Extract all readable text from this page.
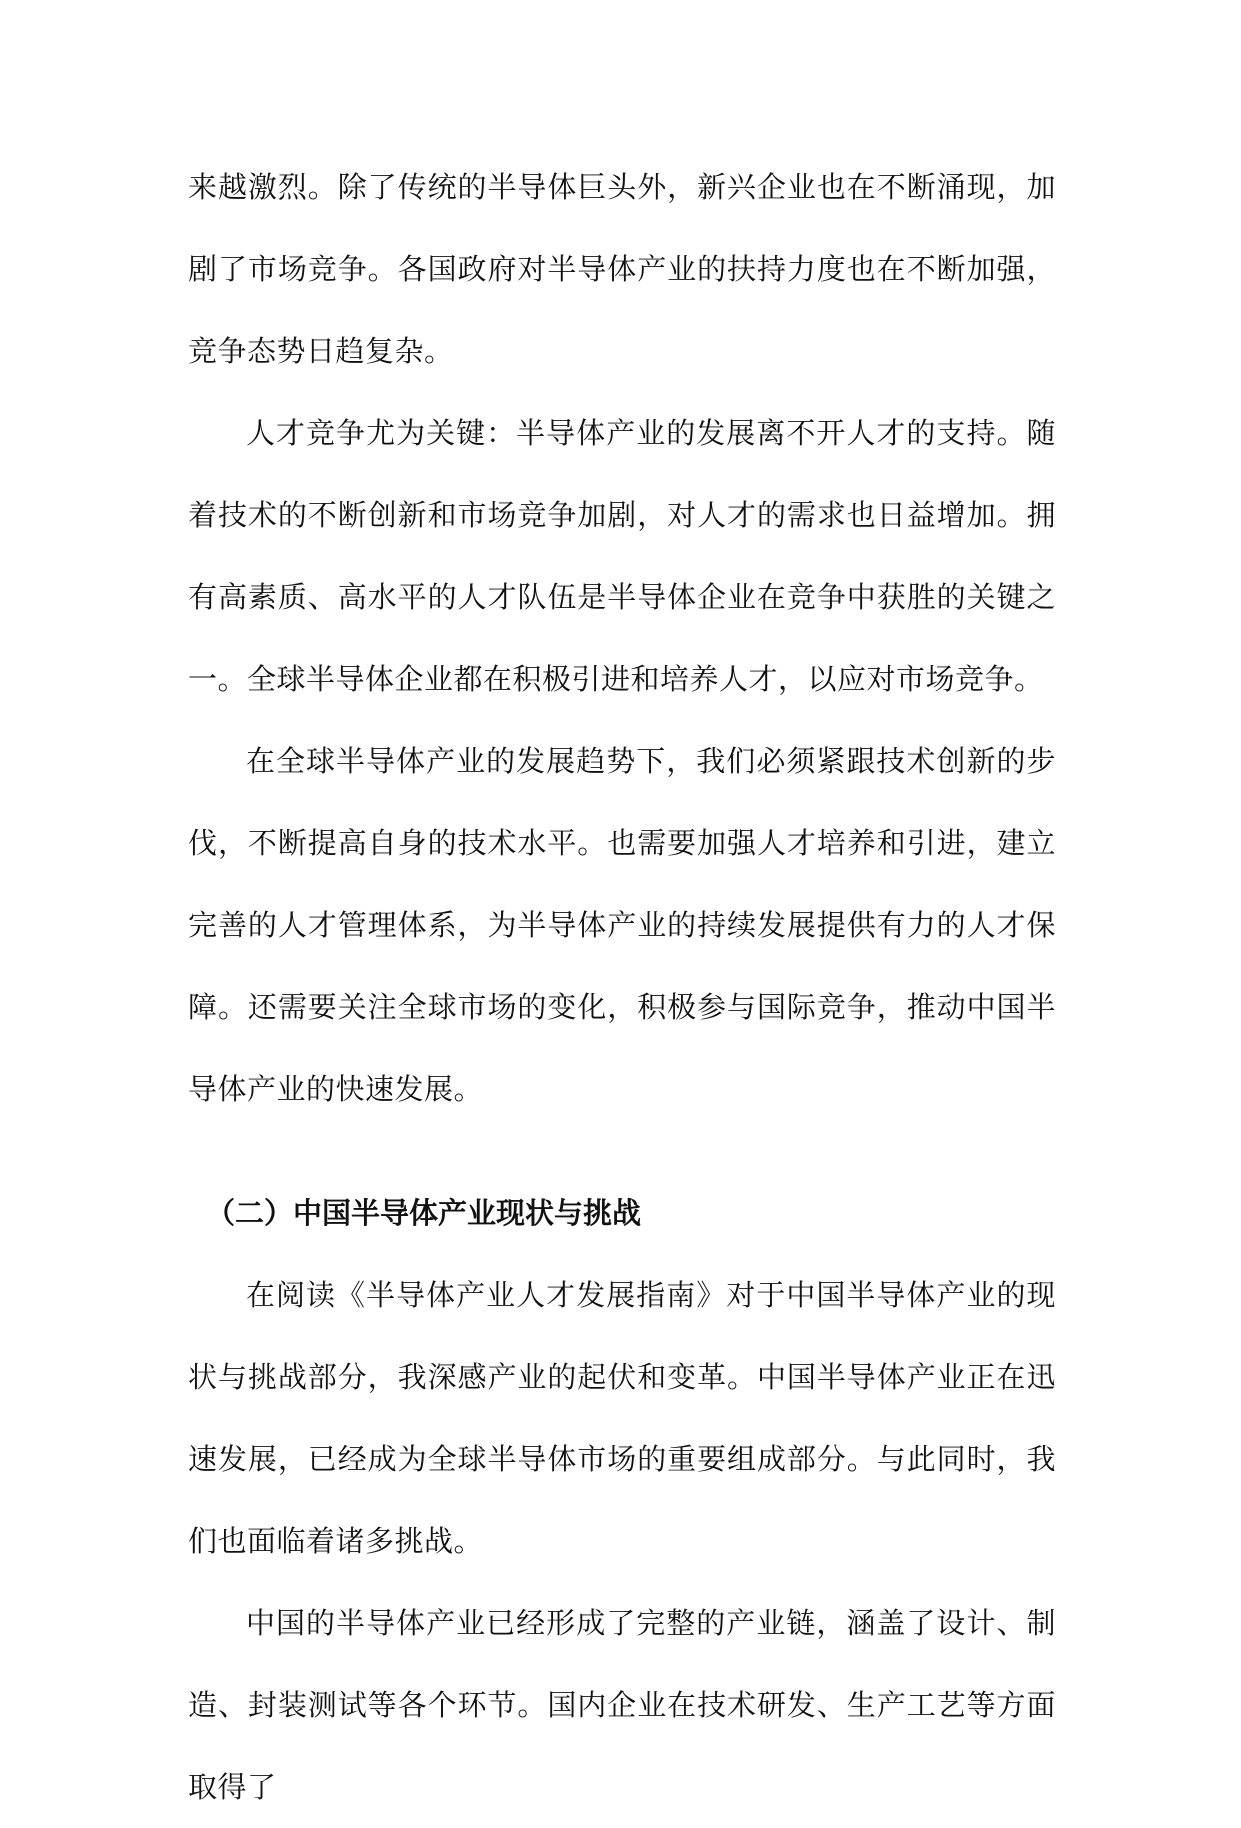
来越激烈。除了传统的半导体巨头外，新兴企业也在不断涌现，加剧了市场竞争。各国政府对半导体产业的扶持力度也在不断加强，竞争态势日趋复杂。

人才竞争尤为关键：半导体产业的发展离不开人才的支持。随着技术的不断创新和市场竞争加剧，对人才的需求也日益增加。拥有高素质、高水平的人才队伍是半导体企业在竞争中获胜的关键之一。全球半导体企业都在积极引进和培养人才，以应对市场竞争。

在全球半导体产业的发展趋势下，我们必须紧跟技术创新的步伐，不断提高自身的技术水平。也需要加强人才培养和引进，建立完善的人才管理体系，为半导体产业的持续发展提供有力的人才保障。还需要关注全球市场的变化，积极参与国际竞争，推动中国半导体产业的快速发展。

（二）中国半导体产业现状与挑战

在阅读《半导体产业人才发展指南》对于中国半导体产业的现状与挑战部分，我深感产业的起伏和变革。中国半导体产业正在迅速发展，已经成为全球半导体市场的重要组成部分。与此同时，我们也面临着诸多挑战。

中国的半导体产业已经形成了完整的产业链，涵盖了设计、制造、封装测试等各个环节。国内企业在技术研发、生产工艺等方面取得了
